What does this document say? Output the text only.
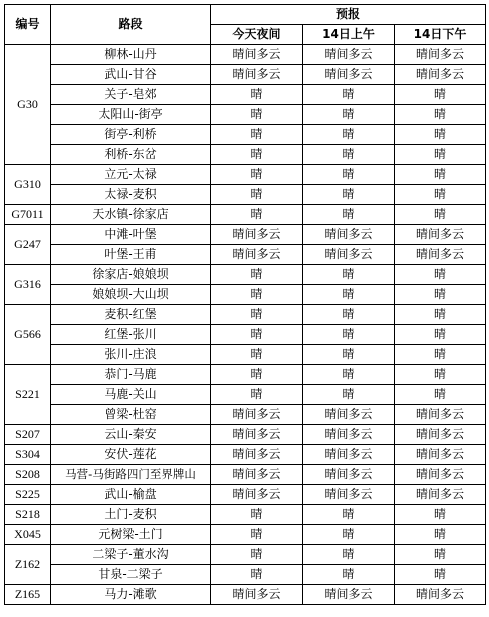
编号	路段	预报		
		今天夜间	14日上午	14日下午
G30	柳林-山丹	晴间多云	晴间多云	晴间多云
	武山-甘谷	晴间多云	晴间多云	晴间多云
	关子-皂郊	晴	晴	晴
	太阳山-街亭	晴	晴	晴
	街亭-利桥	晴	晴	晴
	利桥-东岔	晴	晴	晴
G310	立元-太禄	晴	晴	晴
	太禄-麦积	晴	晴	晴
G7011	天水镇-徐家店	晴	晴	晴
G247	中滩-叶堡	晴间多云	晴间多云	晴间多云
	叶堡-王甫	晴间多云	晴间多云	晴间多云
G316	徐家店-娘娘坝	晴	晴	晴
	娘娘坝-大山坝	晴	晴	晴
G566	麦积-红堡	晴	晴	晴
	红堡-张川	晴	晴	晴
	张川-庄浪	晴	晴	晴
S221	恭门-马鹿	晴	晴	晴
	马鹿-关山	晴	晴	晴
	曾梁-杜窑	晴间多云	晴间多云	晴间多云
S207	云山-秦安	晴间多云	晴间多云	晴间多云
S304	安伏-莲花	晴间多云	晴间多云	晴间多云
S208	马营-马街路四门至界牌山	晴间多云	晴间多云	晴间多云
S225	武山-榆盘	晴间多云	晴间多云	晴间多云
S218	土门-麦积	晴	晴	晴
X045	元树梁-土门	晴	晴	晴
Z162	二梁子-董水沟	晴	晴	晴
	甘泉-二梁子	晴	晴	晴
Z165	马力-滩歌	晴间多云	晴间多云	晴间多云
